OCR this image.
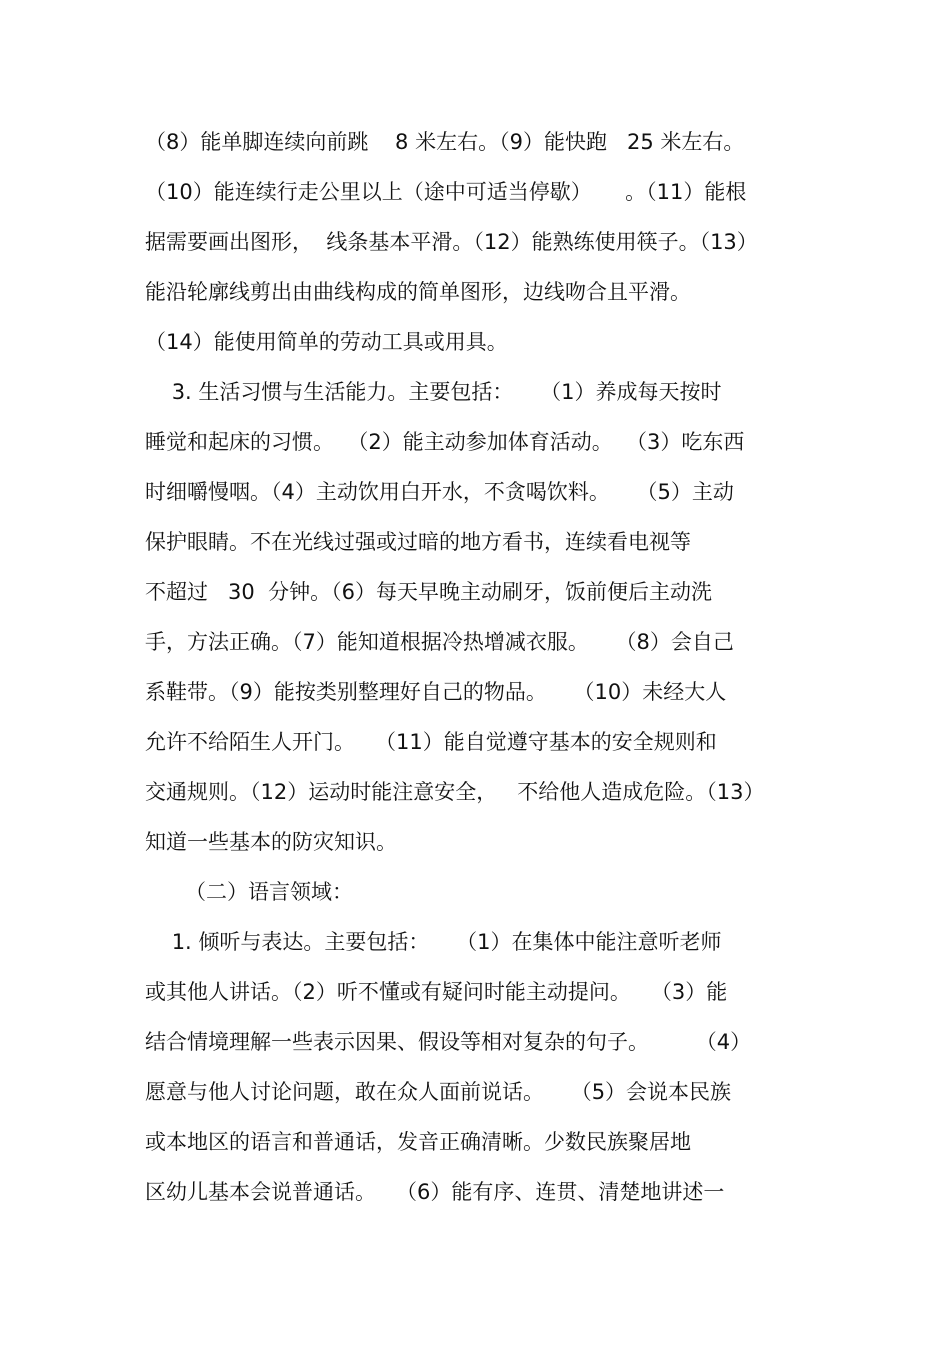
（8）能单脚连续向前跳    8 米左右。（9）能快跑   25 米左右。
（10）能连续行走公里以上（途中可适当停歇）     。（11）能根
据需要画出图形，  线条基本平滑。（12）能熟练使用筷子。（13）
能沿轮廓线剪出由曲线构成的简单图形，边线吻合且平滑。
（14）能使用简单的劳动工具或用具。
3. 生活习惯与生活能力。主要包括：    （1）养成每天按时
睡觉和起床的习惯。  （2）能主动参加体育活动。  （3）吃东西
时细嚼慢咽。（4）主动饮用白开水，不贪喝饮料。    （5）主动
保护眼睛。不在光线过强或过暗的地方看书，连续看电视等
不超过   30  分钟。（6）每天早晚主动刷牙，饭前便后主动洗
手，方法正确。（7）能知道根据冷热增减衣服。    （8）会自己
系鞋带。（9）能按类别整理好自己的物品。    （10）未经大人
允许不给陌生人开门。   （11）能自觉遵守基本的安全规则和
交通规则。（12）运动时能注意安全，   不给他人造成危险。（13）
知道一些基本的防灾知识。
（二）语言领域：
1. 倾听与表达。主要包括：    （1）在集体中能注意听老师
或其他人讲话。（2）听不懂或有疑问时能主动提问。   （3）能
结合情境理解一些表示因果、假设等相对复杂的句子。       （4）
愿意与他人讨论问题，敢在众人面前说话。    （5）会说本民族
或本地区的语言和普通话，发音正确清晰。少数民族聚居地
区幼儿基本会说普通话。   （6）能有序、连贯、清楚地讲述一
